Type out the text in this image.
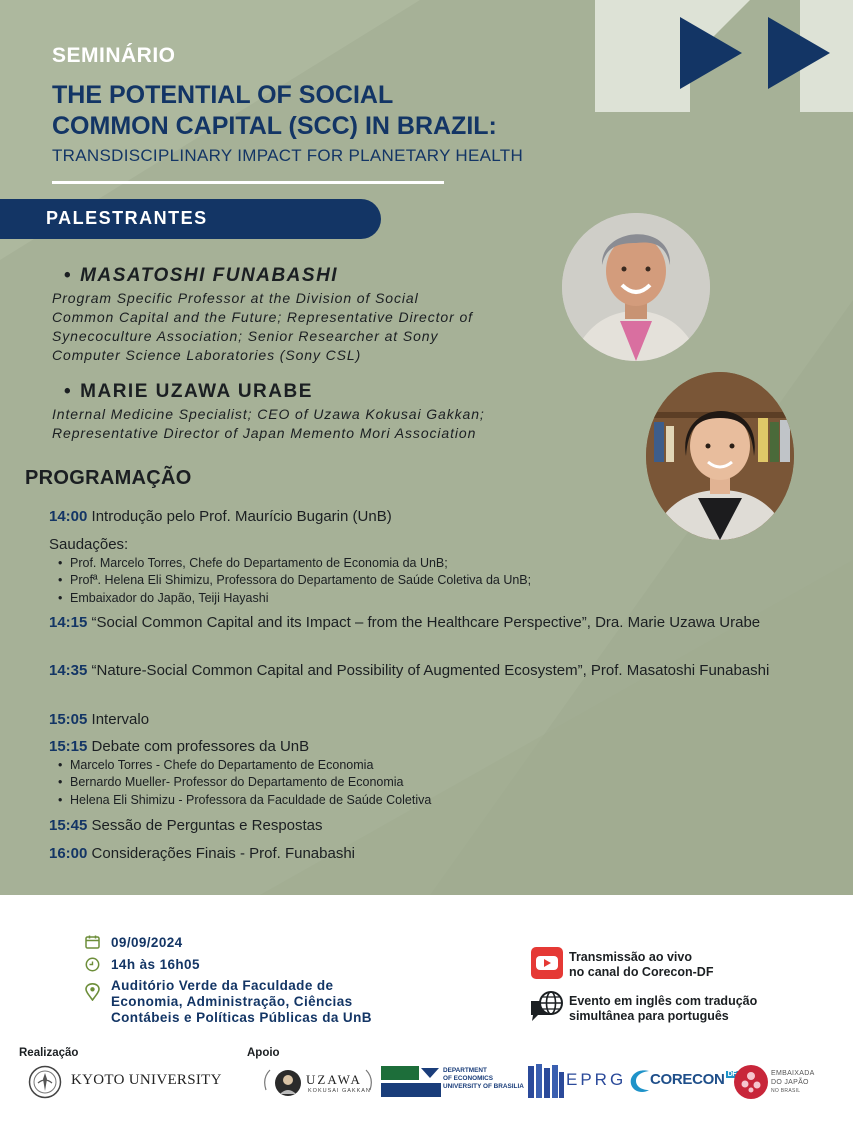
SEMINÁRIO
THE POTENTIAL OF SOCIAL
COMMON CAPITAL (SCC) IN BRAZIL:
TRANSDISCIPLINARY IMPACT FOR PLANETARY HEALTH
PALESTRANTES
• MASATOSHI FUNABASHI
Program Specific Professor at the Division of Social
Common Capital and the Future; Representative Director of
Synecoculture Association; Senior Researcher at Sony
Computer Science Laboratories (Sony CSL)
• MARIE UZAWA URABE
Internal Medicine Specialist; CEO of Uzawa Kokusai Gakkan;
Representative Director of Japan Memento Mori Association
PROGRAMAÇÃO
14:00 Introdução pelo Prof. Maurício Bugarin (UnB)
Saudações:
• Prof. Marcelo Torres, Chefe do Departamento de Economia da UnB;
• Profª. Helena Eli Shimizu, Professora do Departamento de Saúde Coletiva da UnB;
• Embaixador do Japão, Teiji Hayashi
14:15 “Social Common Capital and its Impact – from the Healthcare Perspective”, Dra. Marie Uzawa Urabe
14:35 “Nature-Social Common Capital and Possibility of Augmented Ecosystem”, Prof. Masatoshi Funabashi
15:05 Intervalo
15:15 Debate com professores da UnB
• Marcelo Torres - Chefe do Departamento de Economia
• Bernardo Mueller- Professor do Departamento de Economia
• Helena Eli Shimizu - Professora da Faculdade de Saúde Coletiva
15:45 Sessão de Perguntas e Respostas
16:00 Considerações Finais - Prof. Funabashi
09/09/2024
14h às 16h05
Auditório Verde da Faculdade de
Economia, Administração, Ciências
Contábeis e Políticas Públicas da UnB
Transmissão ao vivo
no canal do Corecon-DF
Evento em inglês com tradução
simultânea para português
Realização	Apoio
KYOTO UNIVERSITY	UZAWA
KOKUSAI GAKKAN
DEPARTMENT
OF ECONOMICS
UNIVERSITY OF BRASILIA EPRG CORECON $^{DF}$	EMBAIXADA
DO JAPÃO
NO BRASIL
